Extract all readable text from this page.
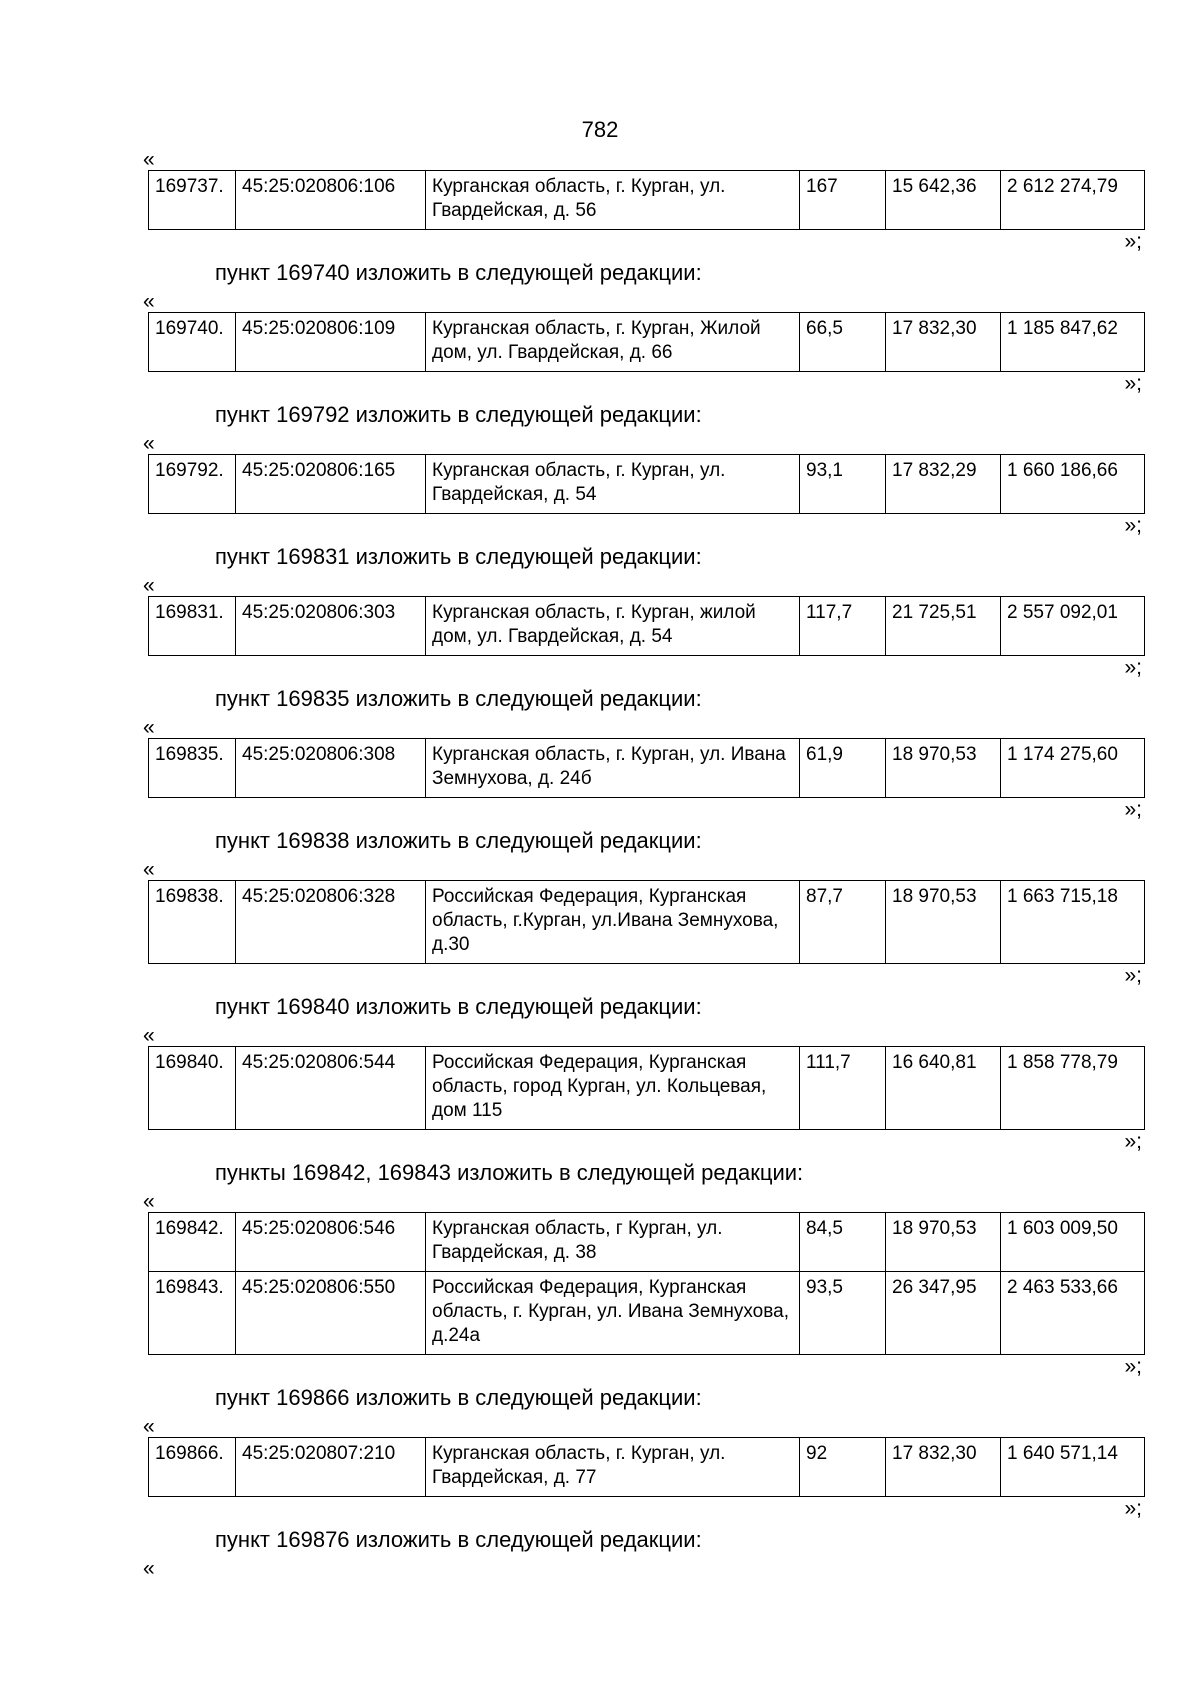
782
«
169737.	45:25:020806:106	Курганская область, г. Курган, ул. Гвардейская, д. 56	167	15 642,36	2 612 274,79
»;
пункт 169740 изложить в следующей редакции:
«
169740.	45:25:020806:109	Курганская область, г. Курган, Жилой дом, ул. Гвардейская, д. 66	66,5	17 832,30	1 185 847,62
»;
пункт 169792 изложить в следующей редакции:
«
169792.	45:25:020806:165	Курганская область, г. Курган, ул. Гвардейская, д. 54	93,1	17 832,29	1 660 186,66
»;
пункт 169831 изложить в следующей редакции:
«
169831.	45:25:020806:303	Курганская область, г. Курган, жилой дом, ул. Гвардейская, д. 54	117,7	21 725,51	2 557 092,01
»;
пункт 169835 изложить в следующей редакции:
«
169835.	45:25:020806:308	Курганская область, г. Курган, ул. Ивана Земнухова, д. 24б	61,9	18 970,53	1 174 275,60
»;
пункт 169838 изложить в следующей редакции:
«
169838.	45:25:020806:328	Российская Федерация, Курганская область, г.Курган, ул.Ивана Земнухова, д.30	87,7	18 970,53	1 663 715,18
»;
пункт 169840 изложить в следующей редакции:
«
169840.	45:25:020806:544	Российская Федерация, Курганская область, город Курган, ул. Кольцевая, дом 115	111,7	16 640,81	1 858 778,79
»;
пункты 169842, 169843 изложить в следующей редакции:
«
169842.	45:25:020806:546	Курганская область, г Курган, ул. Гвардейская, д. 38	84,5	18 970,53	1 603 009,50
169843.	45:25:020806:550	Российская Федерация, Курганская область, г. Курган, ул. Ивана Земнухова, д.24а	93,5	26 347,95	2 463 533,66
»;
пункт 169866 изложить в следующей редакции:
«
169866.	45:25:020807:210	Курганская область, г. Курган, ул. Гвардейская, д. 77	92	17 832,30	1 640 571,14
»;
пункт 169876 изложить в следующей редакции:
«
